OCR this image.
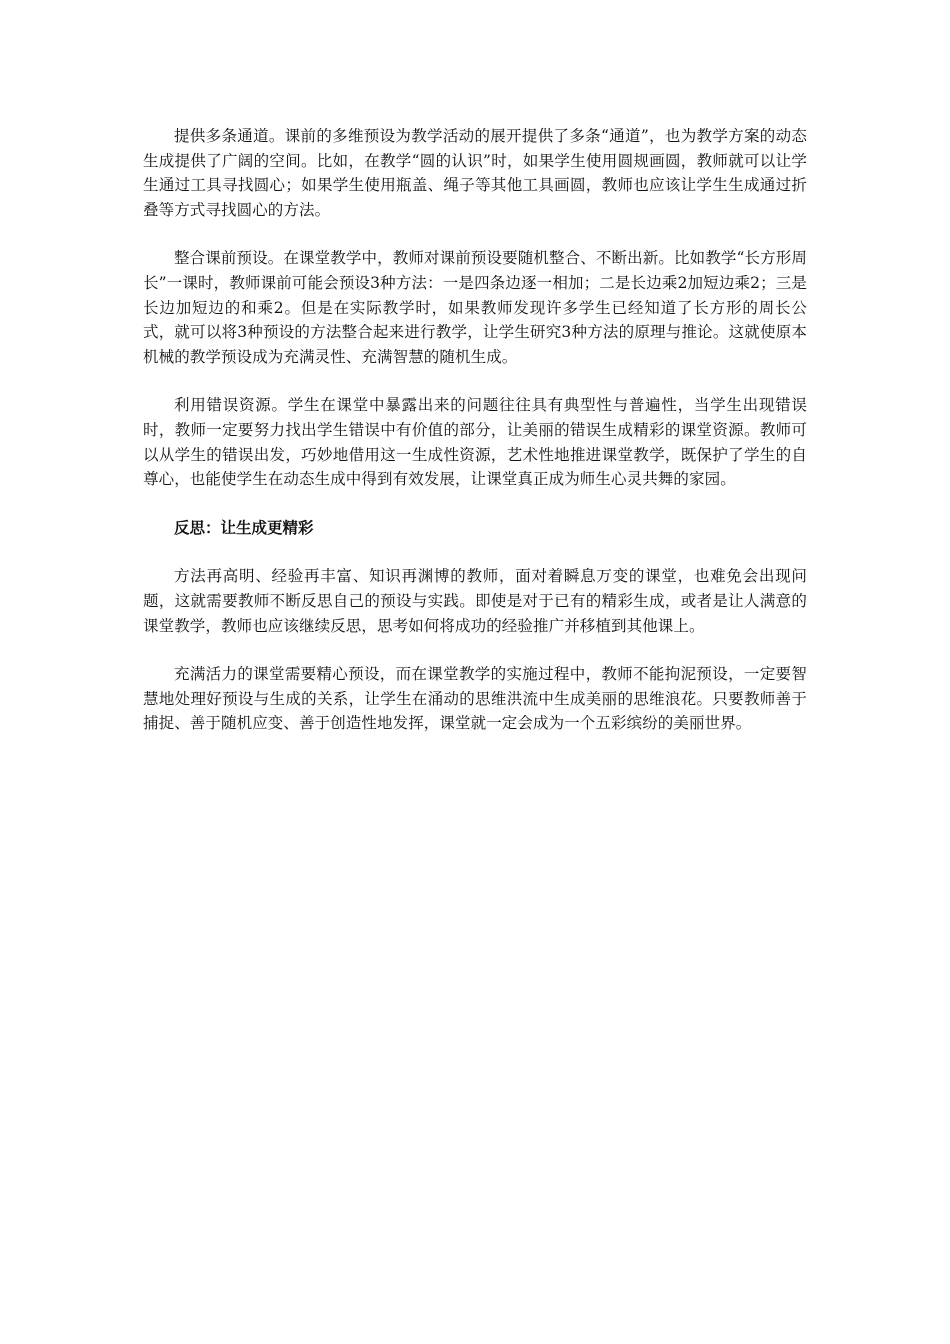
提供多条通道。课前的多维预设为教学活动的展开提供了多条“通道”，也为教学方案的动态生成提供了广阔的空间。比如，在教学“圆的认识”时，如果学生使用圆规画圆，教师就可以让学生通过工具寻找圆心；如果学生使用瓶盖、绳子等其他工具画圆，教师也应该让学生生成通过折叠等方式寻找圆心的方法。

整合课前预设。在课堂教学中，教师对课前预设要随机整合、不断出新。比如教学“长方形周长”一课时，教师课前可能会预设3种方法：一是四条边逐一相加；二是长边乘2加短边乘2；三是长边加短边的和乘2。但是在实际教学时，如果教师发现许多学生已经知道了长方形的周长公式，就可以将3种预设的方法整合起来进行教学，让学生研究3种方法的原理与推论。这就使原本机械的教学预设成为充满灵性、充满智慧的随机生成。

利用错误资源。学生在课堂中暴露出来的问题往往具有典型性与普遍性，当学生出现错误时，教师一定要努力找出学生错误中有价值的部分，让美丽的错误生成精彩的课堂资源。教师可以从学生的错误出发，巧妙地借用这一生成性资源，艺术性地推进课堂教学，既保护了学生的自尊心，也能使学生在动态生成中得到有效发展，让课堂真正成为师生心灵共舞的家园。

反思：让生成更精彩

方法再高明、经验再丰富、知识再渊博的教师，面对着瞬息万变的课堂，也难免会出现问题，这就需要教师不断反思自己的预设与实践。即使是对于已有的精彩生成，或者是让人满意的课堂教学，教师也应该继续反思，思考如何将成功的经验推广并移植到其他课上。

充满活力的课堂需要精心预设，而在课堂教学的实施过程中，教师不能拘泥预设，一定要智慧地处理好预设与生成的关系，让学生在涌动的思维洪流中生成美丽的思维浪花。只要教师善于捕捉、善于随机应变、善于创造性地发挥，课堂就一定会成为一个五彩缤纷的美丽世界。
